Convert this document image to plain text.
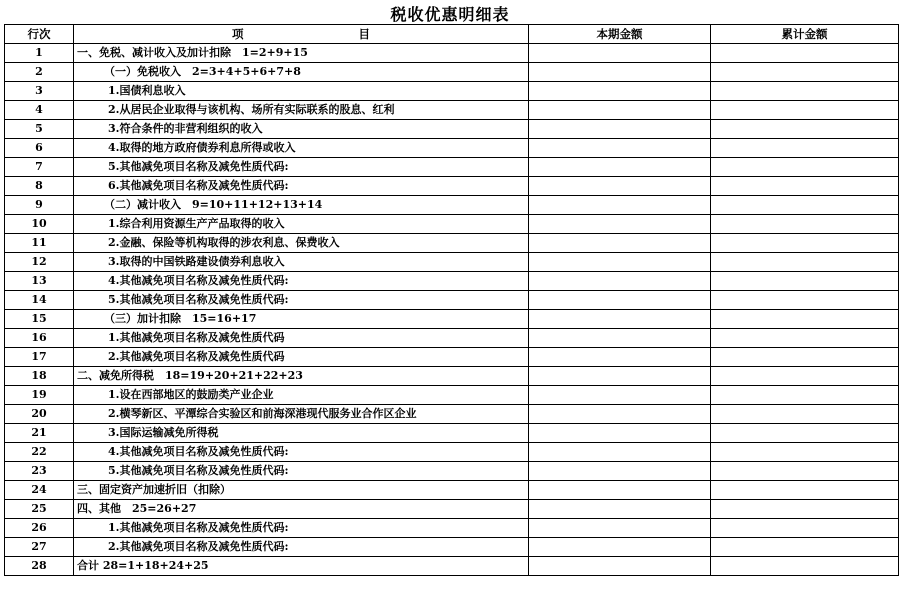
税收优惠明细表
行次	项　　　　　　　　　　目	本期金额	累计金额
1	一、免税、减计收入及加计扣除　1=2+9+15		
2	（一）免税收入　2=3+4+5+6+7+8		
3	1.国债利息收入		
4	2.从居民企业取得与该机构、场所有实际联系的股息、红利		
5	3.符合条件的非营利组织的收入		
6	4.取得的地方政府债券利息所得或收入		
7	5.其他减免项目名称及减免性质代码:		
8	6.其他减免项目名称及减免性质代码:		
9	（二）减计收入　9=10+11+12+13+14		
10	1.综合利用资源生产产品取得的收入		
11	2.金融、保险等机构取得的涉农利息、保费收入		
12	3.取得的中国铁路建设债券利息收入		
13	4.其他减免项目名称及减免性质代码:		
14	5.其他减免项目名称及减免性质代码:		
15	（三）加计扣除　15=16+17		
16	1.其他减免项目名称及减免性质代码		
17	2.其他减免项目名称及减免性质代码		
18	二、减免所得税　18=19+20+21+22+23		
19	1.设在西部地区的鼓励类产业企业		
20	2.横琴新区、平潭综合实验区和前海深港现代服务业合作区企业		
21	3.国际运输减免所得税		
22	4.其他减免项目名称及减免性质代码:		
23	5.其他减免项目名称及减免性质代码:		
24	三、固定资产加速折旧（扣除）		
25	四、其他　25=26+27		
26	1.其他减免项目名称及减免性质代码:		
27	2.其他减免项目名称及减免性质代码:		
28	合计 28=1+18+24+25		
